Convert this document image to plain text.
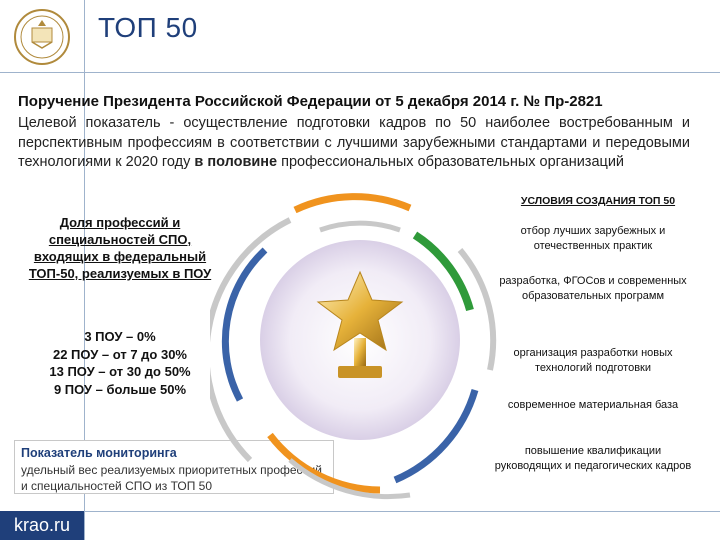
ТОП 50
Поручение Президента Российской Федерации от 5 декабря 2014 г. № Пр-2821
Целевой показатель - осуществление подготовки кадров по 50 наиболее востребованным и перспективным профессиям в соответствии с лучшими зарубежными стандартами и передовыми технологиями к 2020 году в половине профессиональных образовательных организаций
Доля профессий и специальностей СПО, входящих в федеральный ТОП-50, реализуемых в ПОУ
3 ПОУ – 0%
22 ПОУ – от 7 до 30%
13 ПОУ – от 30 до 50%
9 ПОУ – больше 50%
Показатель мониторинга
удельный вес реализуемых приоритетных профессий и специальностей СПО из ТОП 50
УСЛОВИЯ СОЗДАНИЯ ТОП 50
отбор лучших зарубежных и отечественных практик
разработка, ФГОСов и современных образовательных программ
организация разработки новых технологий подготовки
современное материальная база
повышение квалификации руководящих и педагогических кадров
krao.ru
